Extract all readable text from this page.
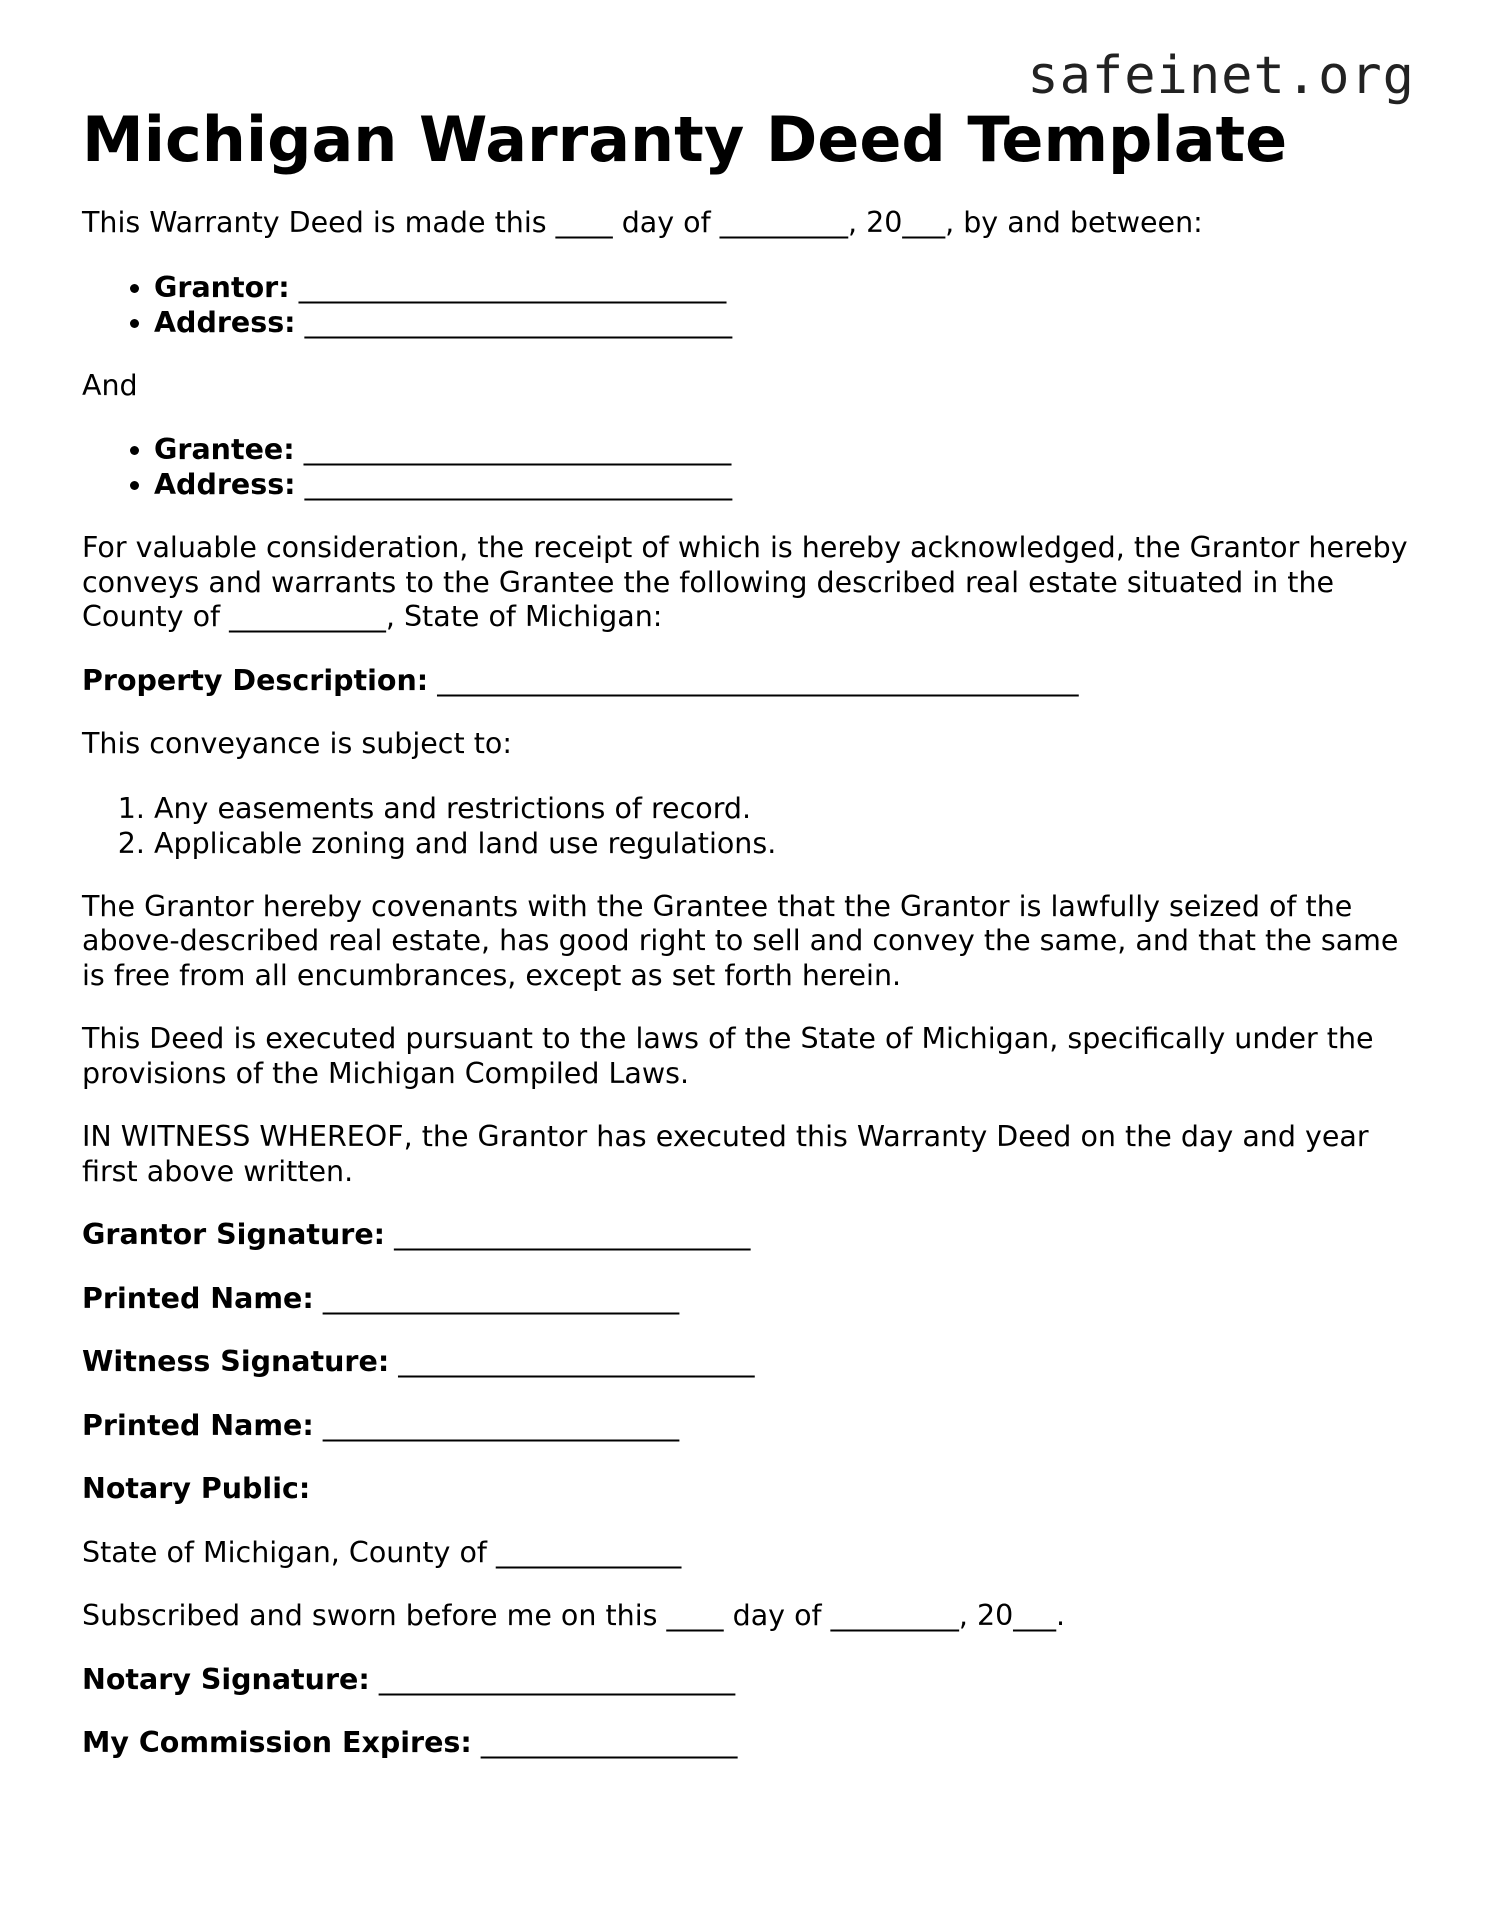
safeinet.org
Michigan Warranty Deed Template

This Warranty Deed is made this ____ day of _________, 20___, by and between:

• Grantor: ______________________________
• Address: ______________________________

And

• Grantee: ______________________________
• Address: ______________________________

For valuable consideration, the receipt of which is hereby acknowledged, the Grantor hereby conveys and warrants to the Grantee the following described real estate situated in the County of ___________, State of Michigan:

Property Description: _____________________________________________

This conveyance is subject to:

1. Any easements and restrictions of record.
2. Applicable zoning and land use regulations.

The Grantor hereby covenants with the Grantee that the Grantor is lawfully seized of the above-described real estate, has good right to sell and convey the same, and that the same is free from all encumbrances, except as set forth herein.

This Deed is executed pursuant to the laws of the State of Michigan, specifically under the provisions of the Michigan Compiled Laws.

IN WITNESS WHEREOF, the Grantor has executed this Warranty Deed on the day and year first above written.

Grantor Signature: _________________________

Printed Name: _________________________

Witness Signature: _________________________

Printed Name: _________________________

Notary Public:

State of Michigan, County of _____________

Subscribed and sworn before me on this ____ day of _________, 20___.

Notary Signature: _________________________

My Commission Expires: __________________
